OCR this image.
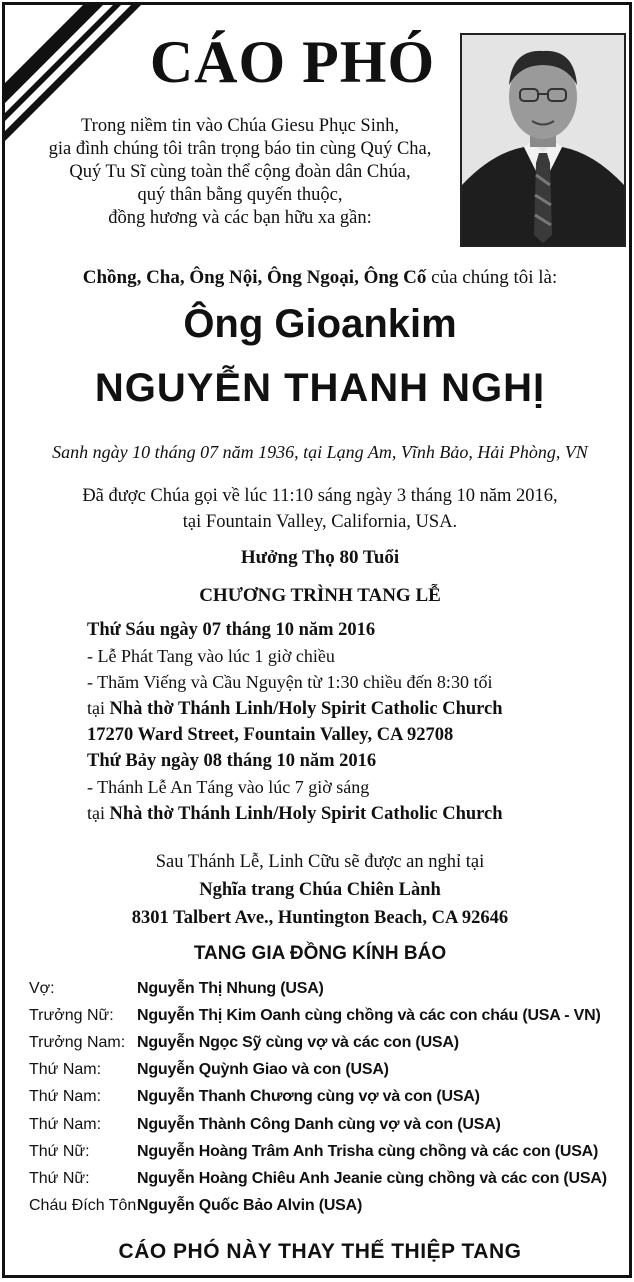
CÁO PHÓ
Trong niềm tin vào Chúa Giesu Phục Sinh,
gia đình chúng tôi trân trọng báo tin cùng Quý Cha,
Quý Tu Sĩ cùng toàn thể cộng đoàn dân Chúa,
quý thân bằng quyến thuộc,
đồng hương và các bạn hữu xa gần:
Chồng, Cha, Ông Nội, Ông Ngoại, Ông Cố của chúng tôi là:
Ông Gioankim
NGUYỄN THANH NGHỊ
Sanh ngày 10 tháng 07 năm 1936, tại Lạng Am, Vĩnh Bảo, Hải Phòng, VN
Đã được Chúa gọi về lúc 11:10 sáng ngày 3 tháng 10 năm 2016,
tại Fountain Valley, California, USA.
Hưởng Thọ 80 Tuổi
CHƯƠNG TRÌNH TANG LỄ
Thứ Sáu ngày 07 tháng 10 năm 2016
- Lễ Phát Tang vào lúc 1 giờ chiều
- Thăm Viếng và Cầu Nguyện từ 1:30 chiều đến 8:30 tối
tại Nhà thờ Thánh Linh/Holy Spirit Catholic Church
17270 Ward Street, Fountain Valley, CA 92708
Thứ Bảy ngày 08 tháng 10 năm 2016
- Thánh Lễ An Táng vào lúc 7 giờ sáng
tại Nhà thờ Thánh Linh/Holy Spirit Catholic Church
Sau Thánh Lễ, Linh Cữu sẽ được an nghỉ tại
Nghĩa trang Chúa Chiên Lành
8301 Talbert Ave., Huntington Beach, CA 92646
TANG GIA ĐỒNG KÍNH BÁO
Vợ:	Nguyễn Thị Nhung (USA)
Trưởng Nữ:	Nguyễn Thị Kim Oanh cùng chồng và các con cháu (USA - VN)
Trưởng Nam: Nguyễn Ngọc Sỹ cùng vợ và các con (USA)
Thứ Nam:	Nguyễn Quỳnh Giao và con (USA)
Thứ Nam:	Nguyễn Thanh Chương cùng vợ và con (USA)
Thứ Nam:	Nguyễn Thành Công Danh cùng vợ và con (USA)
Thứ Nữ:	Nguyễn Hoàng Trâm Anh Trisha cùng chồng và các con (USA)
Thứ Nữ:	Nguyễn Hoàng Chiêu Anh Jeanie cùng chồng và các con (USA)
Cháu Đích Tôn:
Nguyễn Quốc Bảo Alvin (USA)
CÁO PHÓ NÀY THAY THẾ THIỆP TANG
